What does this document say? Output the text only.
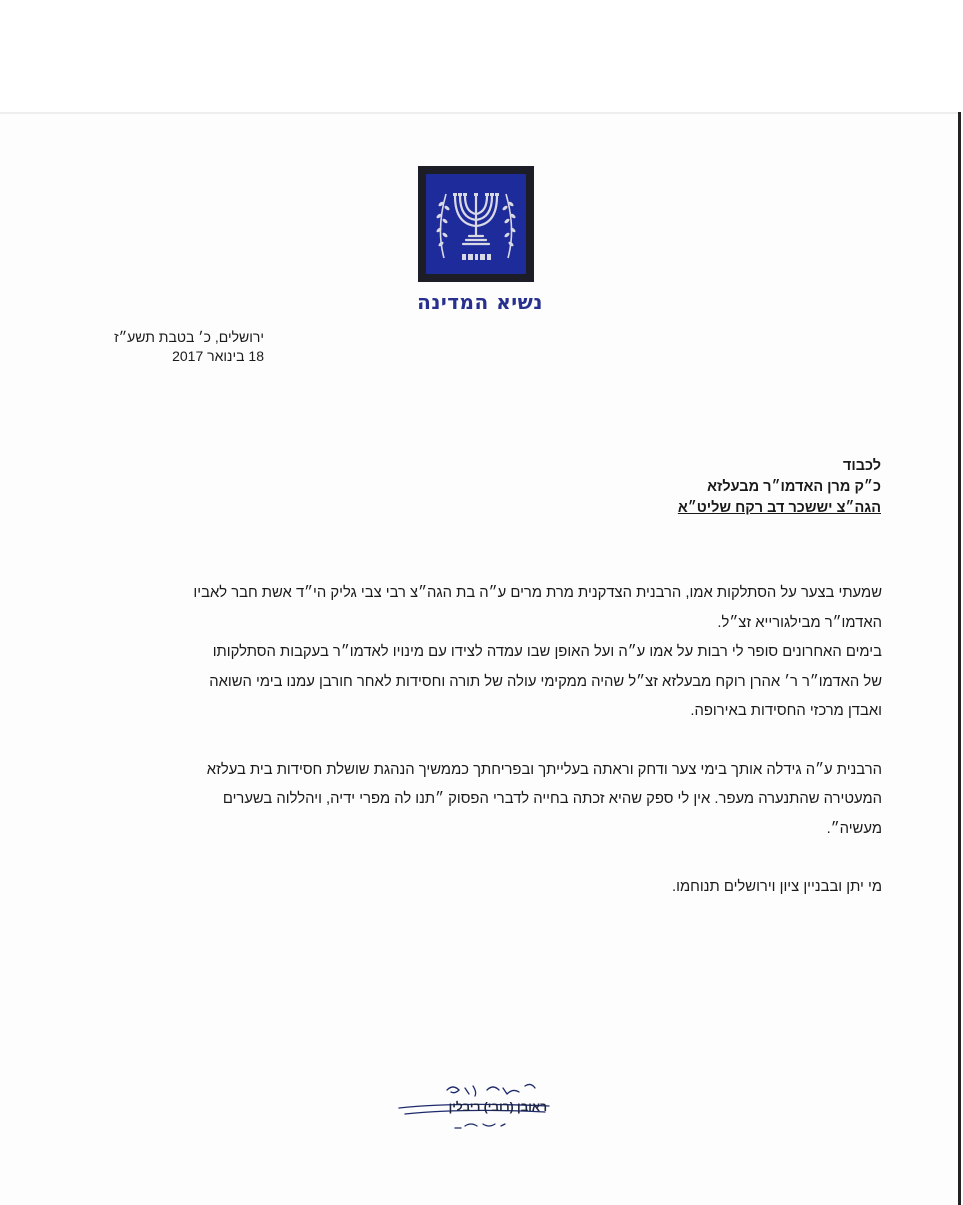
נשיא המדינה
ירושלים, כ׳ בטבת תשע״ז
18 בינואר 2017
לכבוד
כ״ק מרן האדמו״ר מבעלזא
הגה״צ יששכר דב רקח שליט״א

שמעתי בצער על הסתלקות אמו, הרבנית הצדקנית מרת מרים ע״ה בת הגה״צ רבי צבי גליק הי״ד אשת חבר לאביו

האדמו״ר מבילגורייא זצ״ל.

בימים האחרונים סופר לי רבות על אמו ע״ה ועל האופן שבו עמדה לצידו עם מינויו לאדמו״ר בעקבות הסתלקותו

של האדמו״ר ר׳ אהרן רוקח מבעלזא זצ״ל שהיה ממקימי עולה של תורה וחסידות לאחר חורבן עמנו בימי השואה

ואבדן מרכזי החסידות באירופה.

הרבנית ע״ה גידלה אותך בימי צער ודחק וראתה בעלייתך ובפריחתך כממשיך הנהגת שושלת חסידות בית בעלזא

המעטירה שהתנערה מעפר. אין לי ספק שהיא זכתה בחייה לדברי הפסוק ״תנו לה מפרי ידיה, ויהללוה בשערים

מעשיה״.

מי יתן ובבניין ציון וירושלים תנוחמו.

ראובן (רובי) ריבלין
